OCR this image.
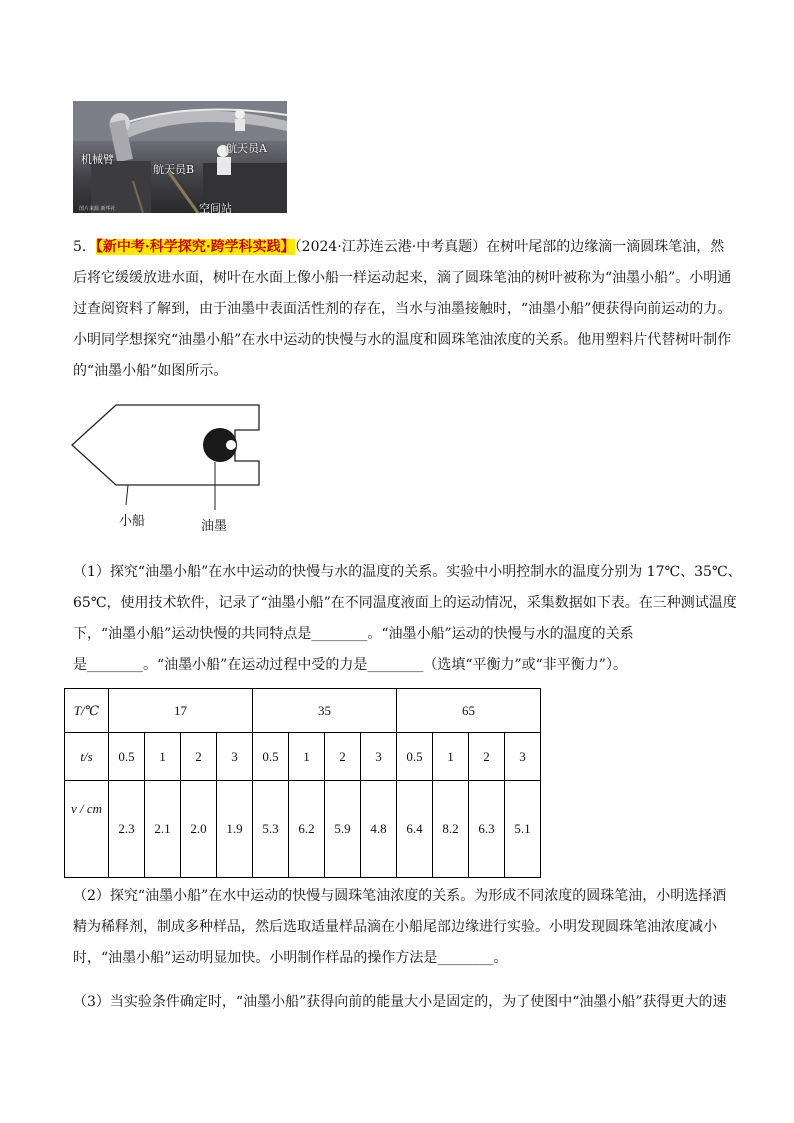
机械臂
航天员A
航天员B
空间站
图片来源 新华社
5．【新中考·科学探究·跨学科实践】（2024·江苏连云港·中考真题）在树叶尾部的边缘滴一滴圆珠笔油，然
后将它缓缓放进水面，树叶在水面上像小船一样运动起来，滴了圆珠笔油的树叶被称为“油墨小船”。小明通
过查阅资料了解到，由于油墨中表面活性剂的存在，当水与油墨接触时，“油墨小船”便获得向前运动的力。
小明同学想探究“油墨小船”在水中运动的快慢与水的温度和圆珠笔油浓度的关系。他用塑料片代替树叶制作
的“油墨小船”如图所示。
小船	油墨
（1）探究“油墨小船”在水中运动的快慢与水的温度的关系。实验中小明控制水的温度分别为 17℃、35℃、
65℃，使用技术软件，记录了“油墨小船”在不同温度液面上的运动情况，采集数据如下表。在三种测试温度
下，“油墨小船”运动快慢的共同特点是________。“油墨小船”运动的快慢与水的温度的关系
是________。“油墨小船”在运动过程中受的力是________（选填“平衡力”或“非平衡力”）。
T/℃	17				35				65			
t/s	0.5	1	2	3	0.5	1	2	3	0.5	1	2	3
v / cm	2.3	2.1	2.0	1.9	5.3	6.2	5.9	4.8	6.4	8.2	6.3	5.1
（2）探究“油墨小船”在水中运动的快慢与圆珠笔油浓度的关系。为形成不同浓度的圆珠笔油，小明选择酒
精为稀释剂，制成多种样品，然后选取适量样品滴在小船尾部边缘进行实验。小明发现圆珠笔油浓度减小
时，“油墨小船”运动明显加快。小明制作样品的操作方法是________。
（3）当实验条件确定时，“油墨小船”获得向前的能量大小是固定的，为了使图中“油墨小船”获得更大的速
